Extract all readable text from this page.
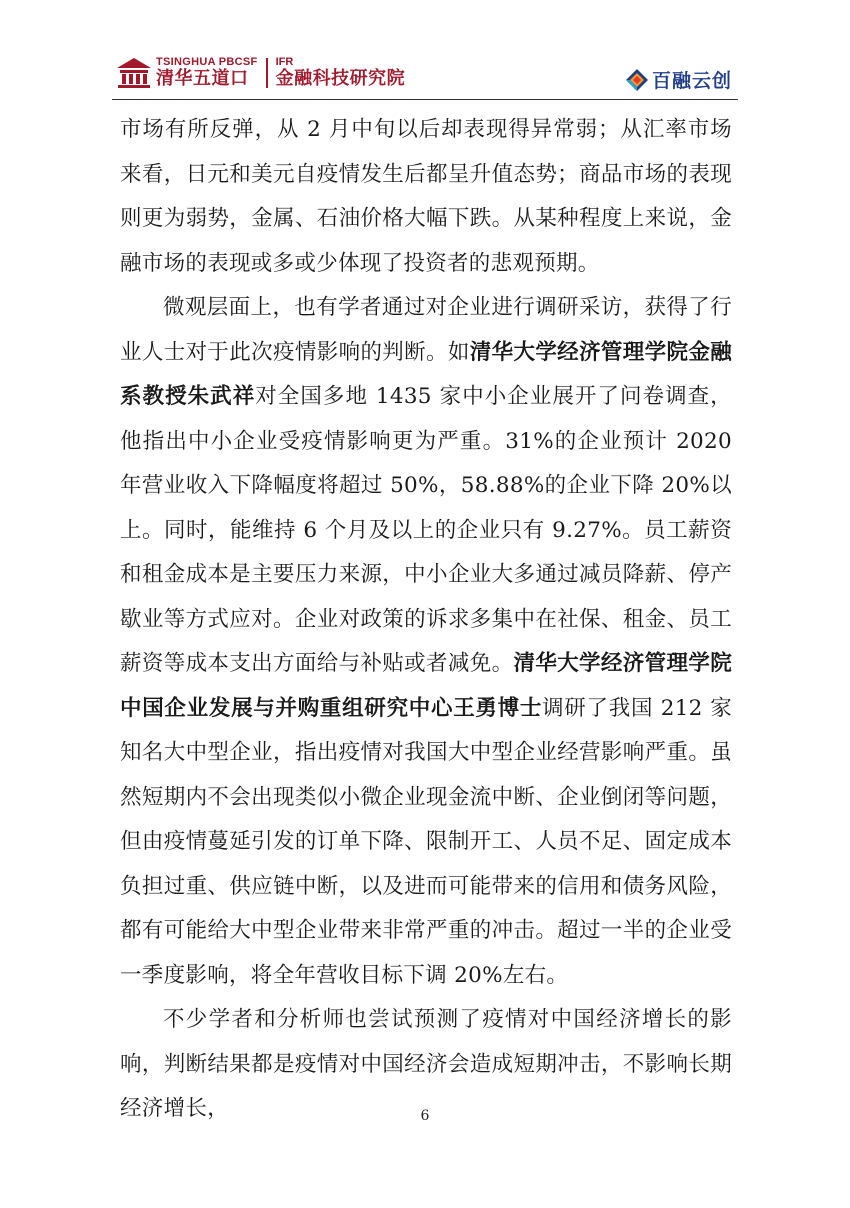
TSINGHUA PBCSF
清华五道口
IFR
金融科技研究院	百融云创

市场有所反弹，从 2 月中旬以后却表现得异常弱；从汇率市场来看，日元和美元自疫情发生后都呈升值态势；商品市场的表现则更为弱势，金属、石油价格大幅下跌。从某种程度上来说，金融市场的表现或多或少体现了投资者的悲观预期。

微观层面上，也有学者通过对企业进行调研采访，获得了行业人士对于此次疫情影响的判断。如清华大学经济管理学院金融系教授朱武祥对全国多地 1435 家中小企业展开了问卷调查，他指出中小企业受疫情影响更为严重。31%的企业预计 2020 年营业收入下降幅度将超过 50%，58.88%的企业下降 20%以上。同时，能维持 6 个月及以上的企业只有 9.27%。员工薪资和租金成本是主要压力来源，中小企业大多通过减员降薪、停产歇业等方式应对。企业对政策的诉求多集中在社保、租金、员工薪资等成本支出方面给与补贴或者减免。清华大学经济管理学院中国企业发展与并购重组研究中心王勇博士调研了我国 212 家知名大中型企业，指出疫情对我国大中型企业经营影响严重。虽然短期内不会出现类似小微企业现金流中断、企业倒闭等问题，但由疫情蔓延引发的订单下降、限制开工、人员不足、固定成本负担过重、供应链中断，以及进而可能带来的信用和债务风险，都有可能给大中型企业带来非常严重的冲击。超过一半的企业受一季度影响，将全年营收目标下调 20%左右。

不少学者和分析师也尝试预测了疫情对中国经济增长的影响，判断结果都是疫情对中国经济会造成短期冲击，不影响长期经济增长，	6
